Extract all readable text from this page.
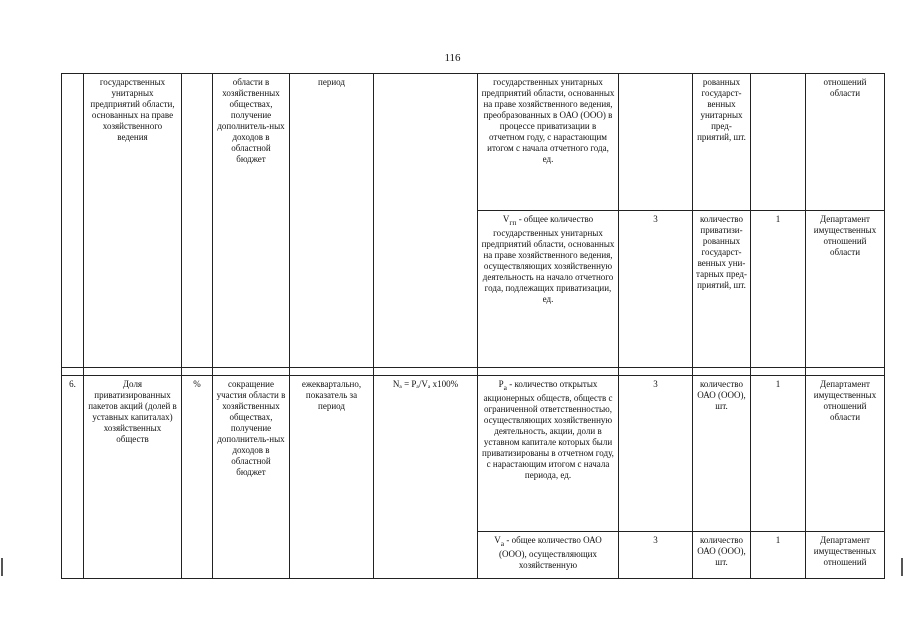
116
	государственных унитарных предприятий области, основанных на праве хозяйственного ведения		области в хозяйственных обществах, получение дополнитель-ных доходов в областной бюджет	период		государственных унитарных предприятий области, основанных на праве хозяйственного ведения, преобразованных в ОАО (ООО) в процессе приватизации в отчетном году, с нарастающим итогом с начала отчетного года, ед.		рованных государст-венных унитарных пред-приятий, шт.		отношений области
						$V_{гп}$ - общее количество государственных унитарных предприятий области, основанных на праве хозяйственного ведения, осуществляющих хозяйственную деятельность на начало отчетного года, подлежащих приватизации, ед.	3	количество приватизи-рованных государст-венных уни-тарных пред-приятий, шт.	1	Департамент имущественных отношений области

6.	Доля приватизированных пакетов акций (долей в уставных капиталах) хозяйственных обществ	%	сокращение участия области в хозяйственных обществах, получение дополнитель-ных доходов в областной бюджет	ежеквартально, показатель за период	Nₐ = Pₐ/Vₐ x100%	$P_а$ - количество открытых акционерных обществ, обществ с ограниченной ответственностью, осуществляющих хозяйственную деятельность, акции, доли в уставном капитале которых были приватизированы в отчетном году, с нарастающим итогом с начала периода, ед.	3	количество ОАО (ООО), шт.	1	Департамент имущественных отношений области
						$V_а$ - общее количество ОАО (ООО), осуществляющих хозяйственную	3	количество ОАО (ООО), шт.	1	Департамент имущественных отношений
